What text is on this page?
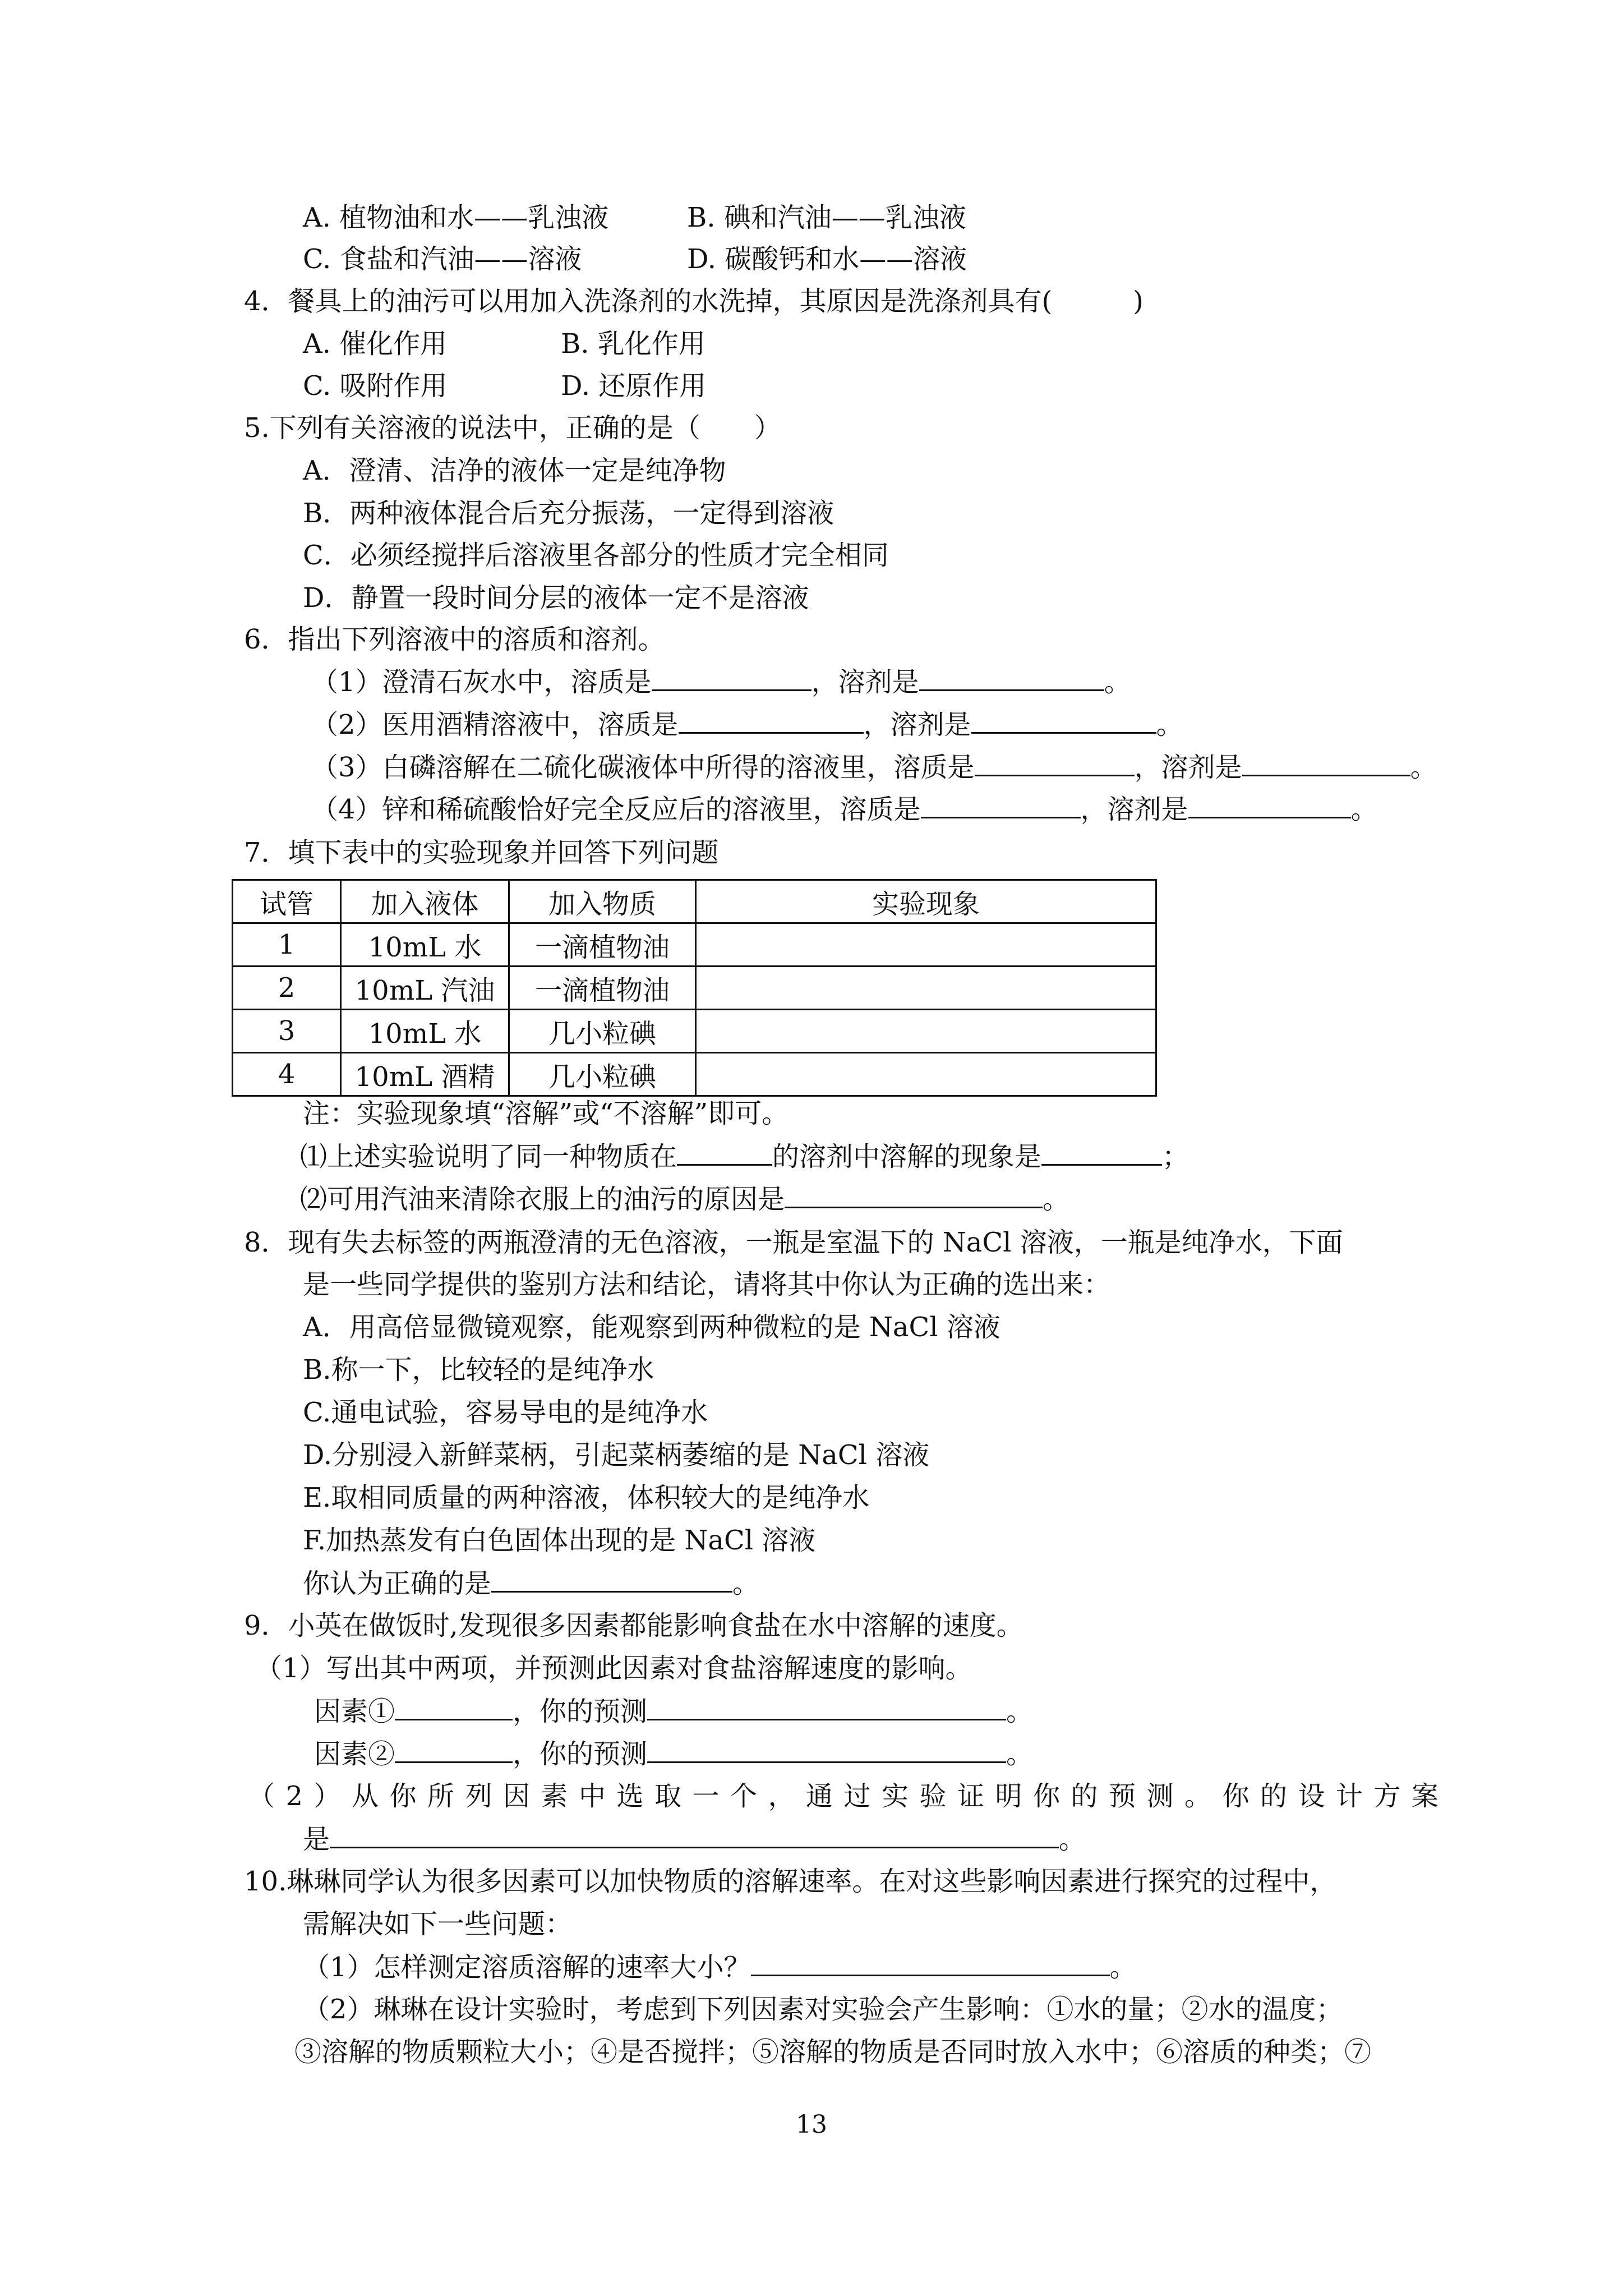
A. 植物油和水——乳浊液	B. 碘和汽油——乳浊液
C. 食盐和汽油——溶液	D. 碳酸钙和水——溶液
4．餐具上的油污可以用加入洗涤剂的水洗掉，其原因是洗涤剂具有(　　　)
A. 催化作用	B. 乳化作用
C. 吸附作用	D. 还原作用
5.下列有关溶液的说法中，正确的是（　　）
A．澄清、洁净的液体一定是纯净物
B．两种液体混合后充分振荡，一定得到溶液
C．必须经搅拌后溶液里各部分的性质才完全相同
D．静置一段时间分层的液体一定不是溶液
6．指出下列溶液中的溶质和溶剂。
（1）澄清石灰水中，溶质是	，溶剂是	。
（2）医用酒精溶液中，溶质是	，溶剂是	。
（3）白磷溶解在二硫化碳液体中所得的溶液里，溶质是	，溶剂是	。
（4）锌和稀硫酸恰好完全反应后的溶液里，溶质是	，溶剂是	。
7．填下表中的实验现象并回答下列问题
试管	加入液体	加入物质	实验现象
1	10mL 水	一滴植物油	
2	10mL 汽油	一滴植物油	
3	10mL 水	几小粒碘	
4	10mL 酒精	几小粒碘	
注：实验现象填“溶解”或“不溶解”即可。
⑴上述实验说明了同一种物质在	的溶剂中溶解的现象是	；
⑵可用汽油来清除衣服上的油污的原因是	。
8．现有失去标签的两瓶澄清的无色溶液，一瓶是室温下的 NaCl 溶液，一瓶是纯净水，下面
是一些同学提供的鉴别方法和结论，请将其中你认为正确的选出来：
A．用高倍显微镜观察，能观察到两种微粒的是 NaCl 溶液
B.称一下，比较轻的是纯净水
C.通电试验，容易导电的是纯净水
D.分别浸入新鲜菜柄，引起菜柄萎缩的是 NaCl 溶液
E.取相同质量的两种溶液，体积较大的是纯净水
F.加热蒸发有白色固体出现的是 NaCl 溶液
你认为正确的是	。
9．小英在做饭时,发现很多因素都能影响食盐在水中溶解的速度。
（1）写出其中两项，并预测此因素对食盐溶解速度的影响。
因素①	，你的预测	。
因素②	，你的预测	。
（2）从你所列因素中选取一个，通过实验证明你的预测。你的设计方案
是	。
10.琳琳同学认为很多因素可以加快物质的溶解速率。在对这些影响因素进行探究的过程中，
需解决如下一些问题：
（1）怎样测定溶质溶解的速率大小？	。
（2）琳琳在设计实验时，考虑到下列因素对实验会产生影响：①水的量；②水的温度；
③溶解的物质颗粒大小；④是否搅拌；⑤溶解的物质是否同时放入水中；⑥溶质的种类；⑦
13
